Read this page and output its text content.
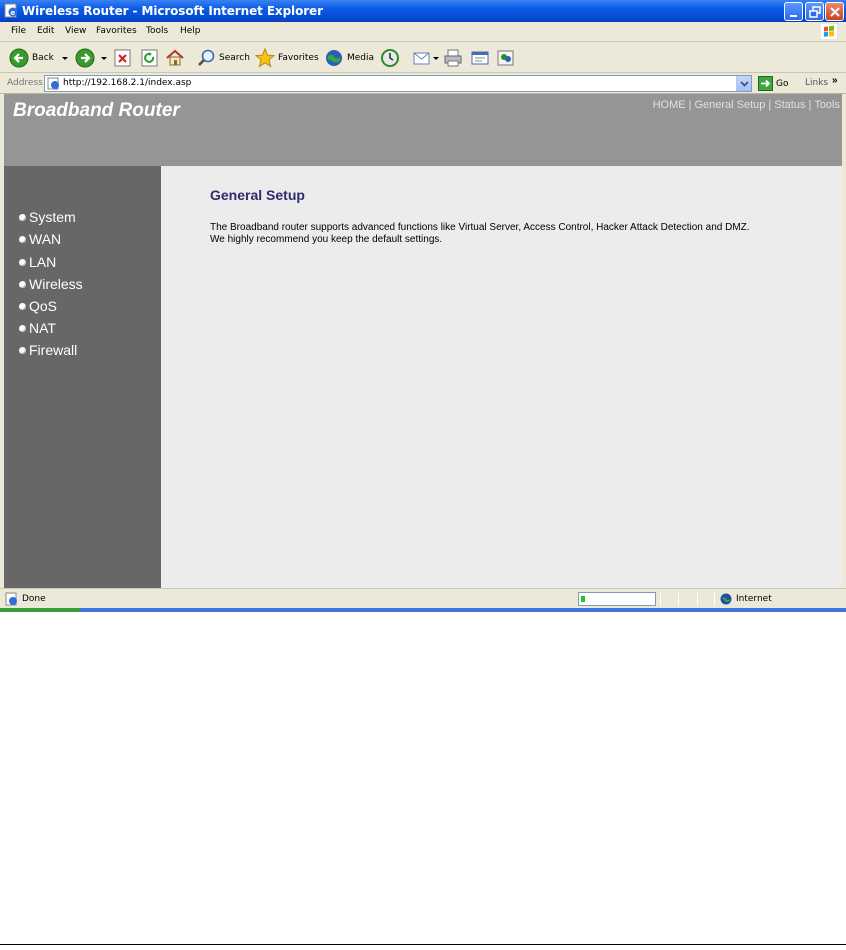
e Wireless Router - Microsoft Internet Explorer
File Edit View Favorites Tools Help
Back	Search	Favorites	Media
Address http://192.168.2.1/index.asp	Go Links »
Broadband Router	HOME | General Setup | Status | Tools
System
WAN
LAN
Wireless
QoS
NAT
Firewall
General Setup

The Broadband router supports advanced functions like Virtual Server, Access Control, Hacker Attack Detection and DMZ.

We highly recommend you keep the default settings.

Done	Internet
